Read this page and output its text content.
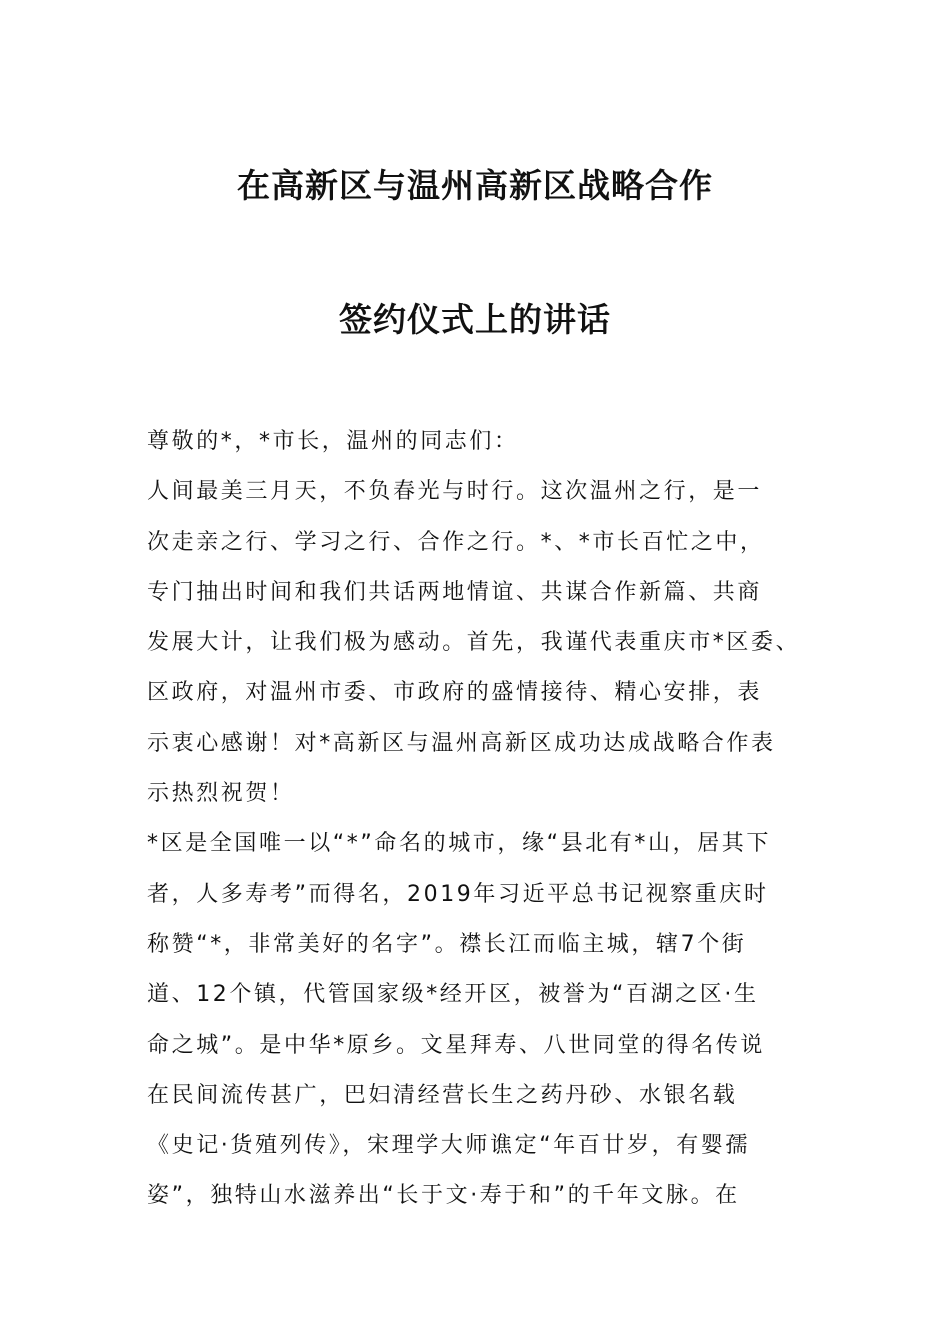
在高新区与温州高新区战略合作
签约仪式上的讲话
尊敬的*，*市长，温州的同志们：
人间最美三月天，不负春光与时行。这次温州之行，是一
次走亲之行、学习之行、合作之行。*、*市长百忙之中，
专门抽出时间和我们共话两地情谊、共谋合作新篇、共商
发展大计，让我们极为感动。首先，我谨代表重庆市*区委、
区政府，对温州市委、市政府的盛情接待、精心安排，表
示衷心感谢！对*高新区与温州高新区成功达成战略合作表
示热烈祝贺！
*区是全国唯一以“*”命名的城市，缘“县北有*山，居其下
者，人多寿考”而得名，2019年习近平总书记视察重庆时
称赞“*，非常美好的名字”。襟长江而临主城，辖7个街
道、12个镇，代管国家级*经开区，被誉为“百湖之区·生
命之城”。是中华*原乡。文星拜寿、八世同堂的得名传说
在民间流传甚广，巴妇清经营长生之药丹砂、水银名载
《史记·货殖列传》，宋理学大师谯定“年百廿岁，有婴孺
姿”，独特山水滋养出“长于文·寿于和”的千年文脉。在
